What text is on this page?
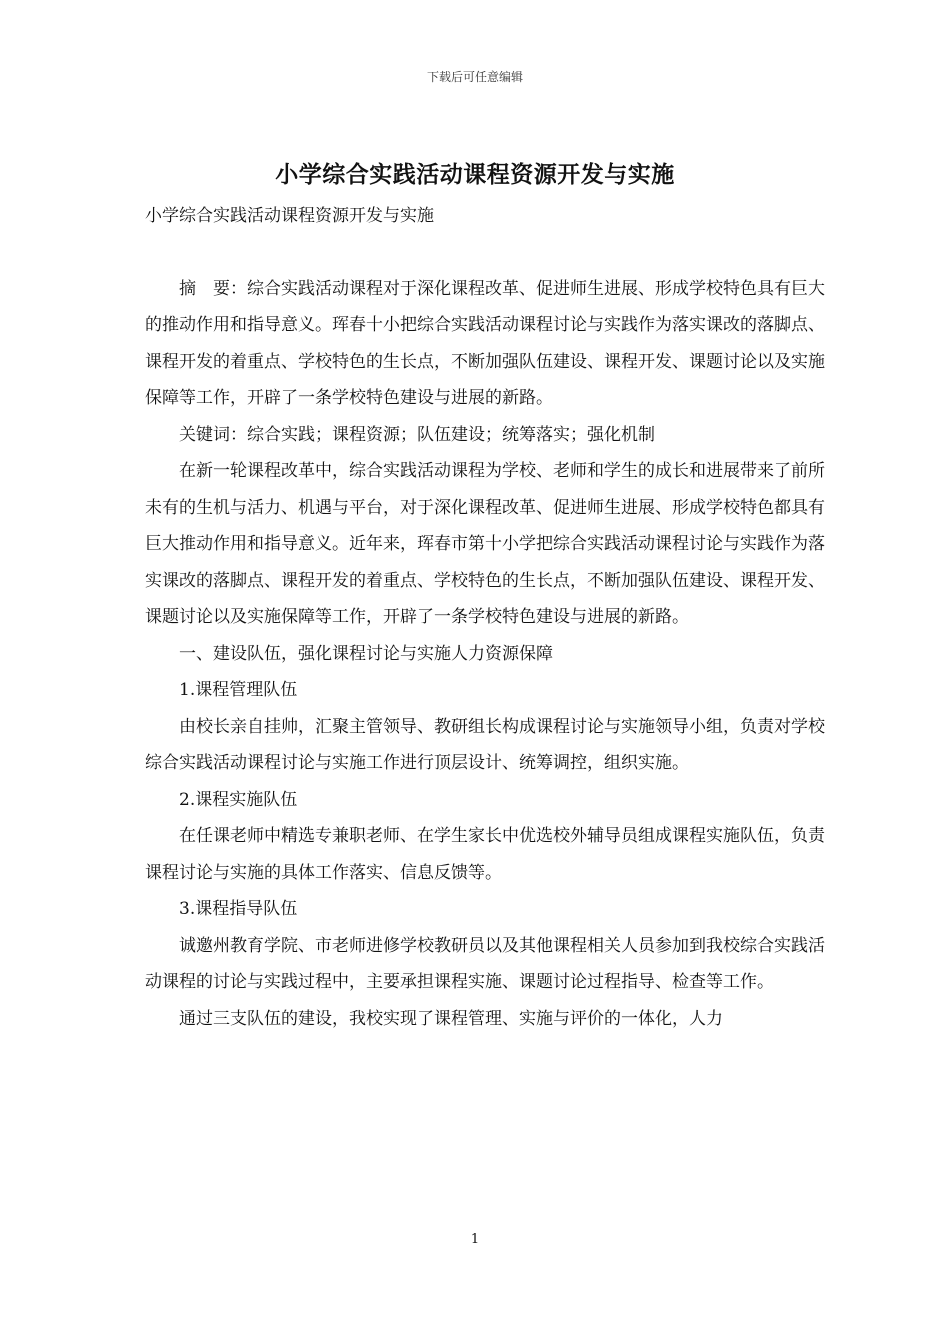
下载后可任意编辑
小学综合实践活动课程资源开发与实施

小学综合实践活动课程资源开发与实施

摘　要：综合实践活动课程对于深化课程改革、促进师生进展、形成学校特色具有巨大的推动作用和指导意义。珲春十小把综合实践活动课程讨论与实践作为落实课改的落脚点、课程开发的着重点、学校特色的生长点，不断加强队伍建设、课程开发、课题讨论以及实施保障等工作，开辟了一条学校特色建设与进展的新路。

关键词：综合实践；课程资源；队伍建设；统筹落实；强化机制

在新一轮课程改革中，综合实践活动课程为学校、老师和学生的成长和进展带来了前所未有的生机与活力、机遇与平台，对于深化课程改革、促进师生进展、形成学校特色都具有巨大推动作用和指导意义。近年来，珲春市第十小学把综合实践活动课程讨论与实践作为落实课改的落脚点、课程开发的着重点、学校特色的生长点，不断加强队伍建设、课程开发、课题讨论以及实施保障等工作，开辟了一条学校特色建设与进展的新路。

一、建设队伍，强化课程讨论与实施人力资源保障

1.课程管理队伍

由校长亲自挂帅，汇聚主管领导、教研组长构成课程讨论与实施领导小组，负责对学校综合实践活动课程讨论与实施工作进行顶层设计、统筹调控，组织实施。

2.课程实施队伍

在任课老师中精选专兼职老师、在学生家长中优选校外辅导员组成课程实施队伍，负责课程讨论与实施的具体工作落实、信息反馈等。

3.课程指导队伍

诚邀州教育学院、市老师进修学校教研员以及其他课程相关人员参加到我校综合实践活动课程的讨论与实践过程中，主要承担课程实施、课题讨论过程指导、检查等工作。

通过三支队伍的建设，我校实现了课程管理、实施与评价的一体化，人力

1
